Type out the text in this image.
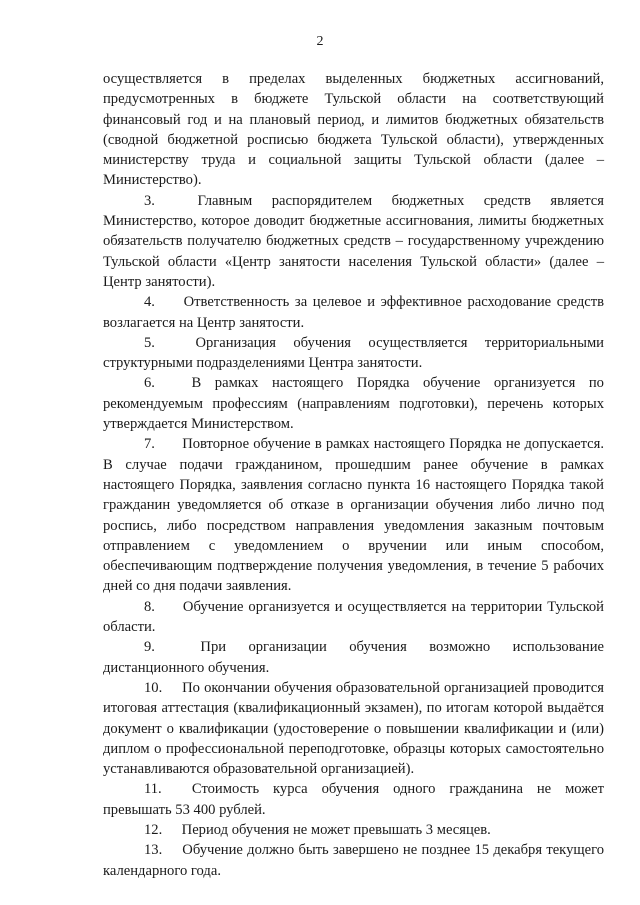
2

осуществляется в пределах выделенных бюджетных ассигнований, предусмотренных в бюджете Тульской области на соответствующий финансовый год и на плановый период, и лимитов бюджетных обязательств (сводной бюджетной росписью бюджета Тульской области), утвержденных министерству труда и социальной защиты Тульской области (далее – Министерство).

3.	Главным распорядителем бюджетных средств является Министерство, которое доводит бюджетные ассигнования, лимиты бюджетных обязательств получателю бюджетных средств – государственному учреждению Тульской области «Центр занятости населения Тульской области» (далее – Центр занятости).

4. Ответственность за целевое и эффективное расходование средств возлагается на Центр занятости.

5.	Организация обучения осуществляется территориальными структурными подразделениями Центра занятости.

6.	В рамках настоящего Порядка обучение организуется по рекомендуемым профессиям (направлениям подготовки), перечень которых утверждается Министерством.

7. Повторное обучение в рамках настоящего Порядка не допускается. В случае подачи гражданином, прошедшим ранее обучение в рамках настоящего Порядка, заявления согласно пункта 16 настоящего Порядка такой гражданин уведомляется об отказе в организации обучения либо лично под роспись, либо посредством направления уведомления заказным почтовым отправлением с уведомлением о вручении или иным способом, обеспечивающим подтверждение получения уведомления, в течение 5 рабочих дней со дня подачи заявления.

8. Обучение организуется и осуществляется на территории Тульской области.

9.	При организации обучения возможно использование дистанционного обучения.

10. По окончании обучения образовательной организацией проводится итоговая аттестация (квалификационный экзамен), по итогам которой выдаётся документ о квалификации (удостоверение о повышении квалификации и (или) диплом о профессиональной переподготовке, образцы которых самостоятельно устанавливаются образовательной организацией).

11. Стоимость курса обучения одного гражданина не может превышать 53 400 рублей.

12. Период обучения не может превышать 3 месяцев.

13. Обучение должно быть завершено не позднее 15 декабря текущего календарного года.
